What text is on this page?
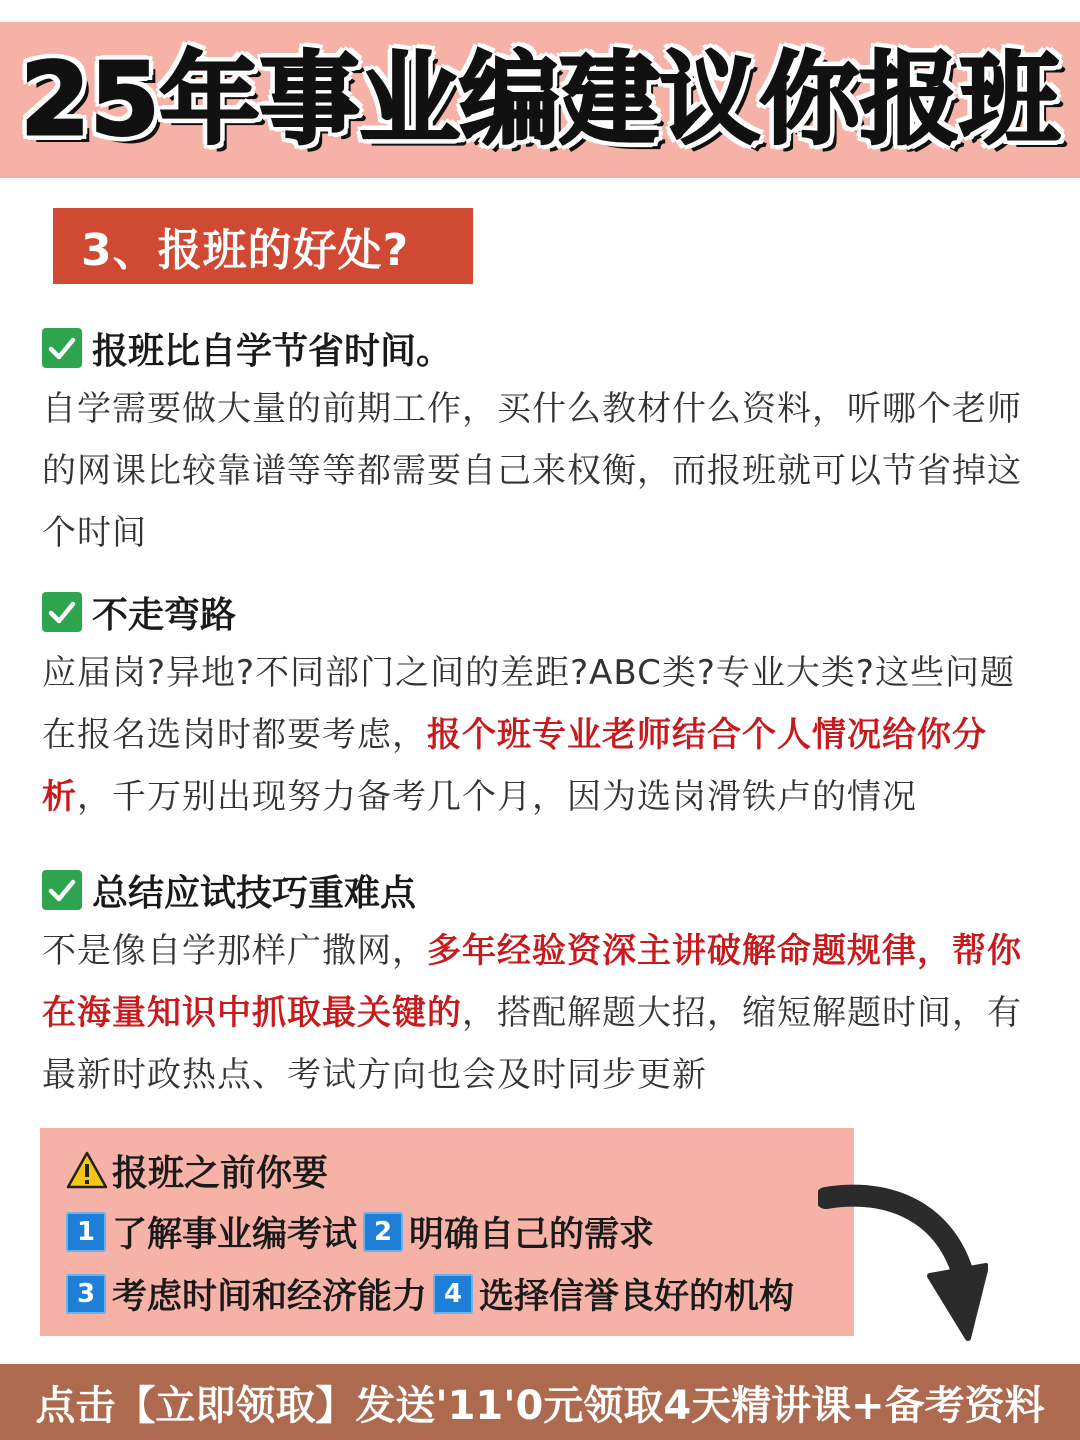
25年事业编建议你报班
3、报班的好处?
报班比自学节省时间。
自学需要做大量的前期工作，买什么教材什么资料，听哪个老师的网课比较靠谱等等都需要自己来权衡，而报班就可以节省掉这个时间
不走弯路
应届岗?异地?不同部门之间的差距?ABC类?专业大类?这些问题在报名选岗时都要考虑，报个班专业老师结合个人情况给你分析，千万别出现努力备考几个月，因为选岗滑铁卢的情况
总结应试技巧重难点
不是像自学那样广撒网，多年经验资深主讲破解命题规律，帮你在海量知识中抓取最关键的，搭配解题大招，缩短解题时间，有最新时政热点、考试方向也会及时同步更新
报班之前你要
1 了解事业编考试 2 明确自己的需求
3 考虑时间和经济能力 4 选择信誉良好的机构
点击【立即领取】发送'11'0元领取4天精讲课+备考资料
